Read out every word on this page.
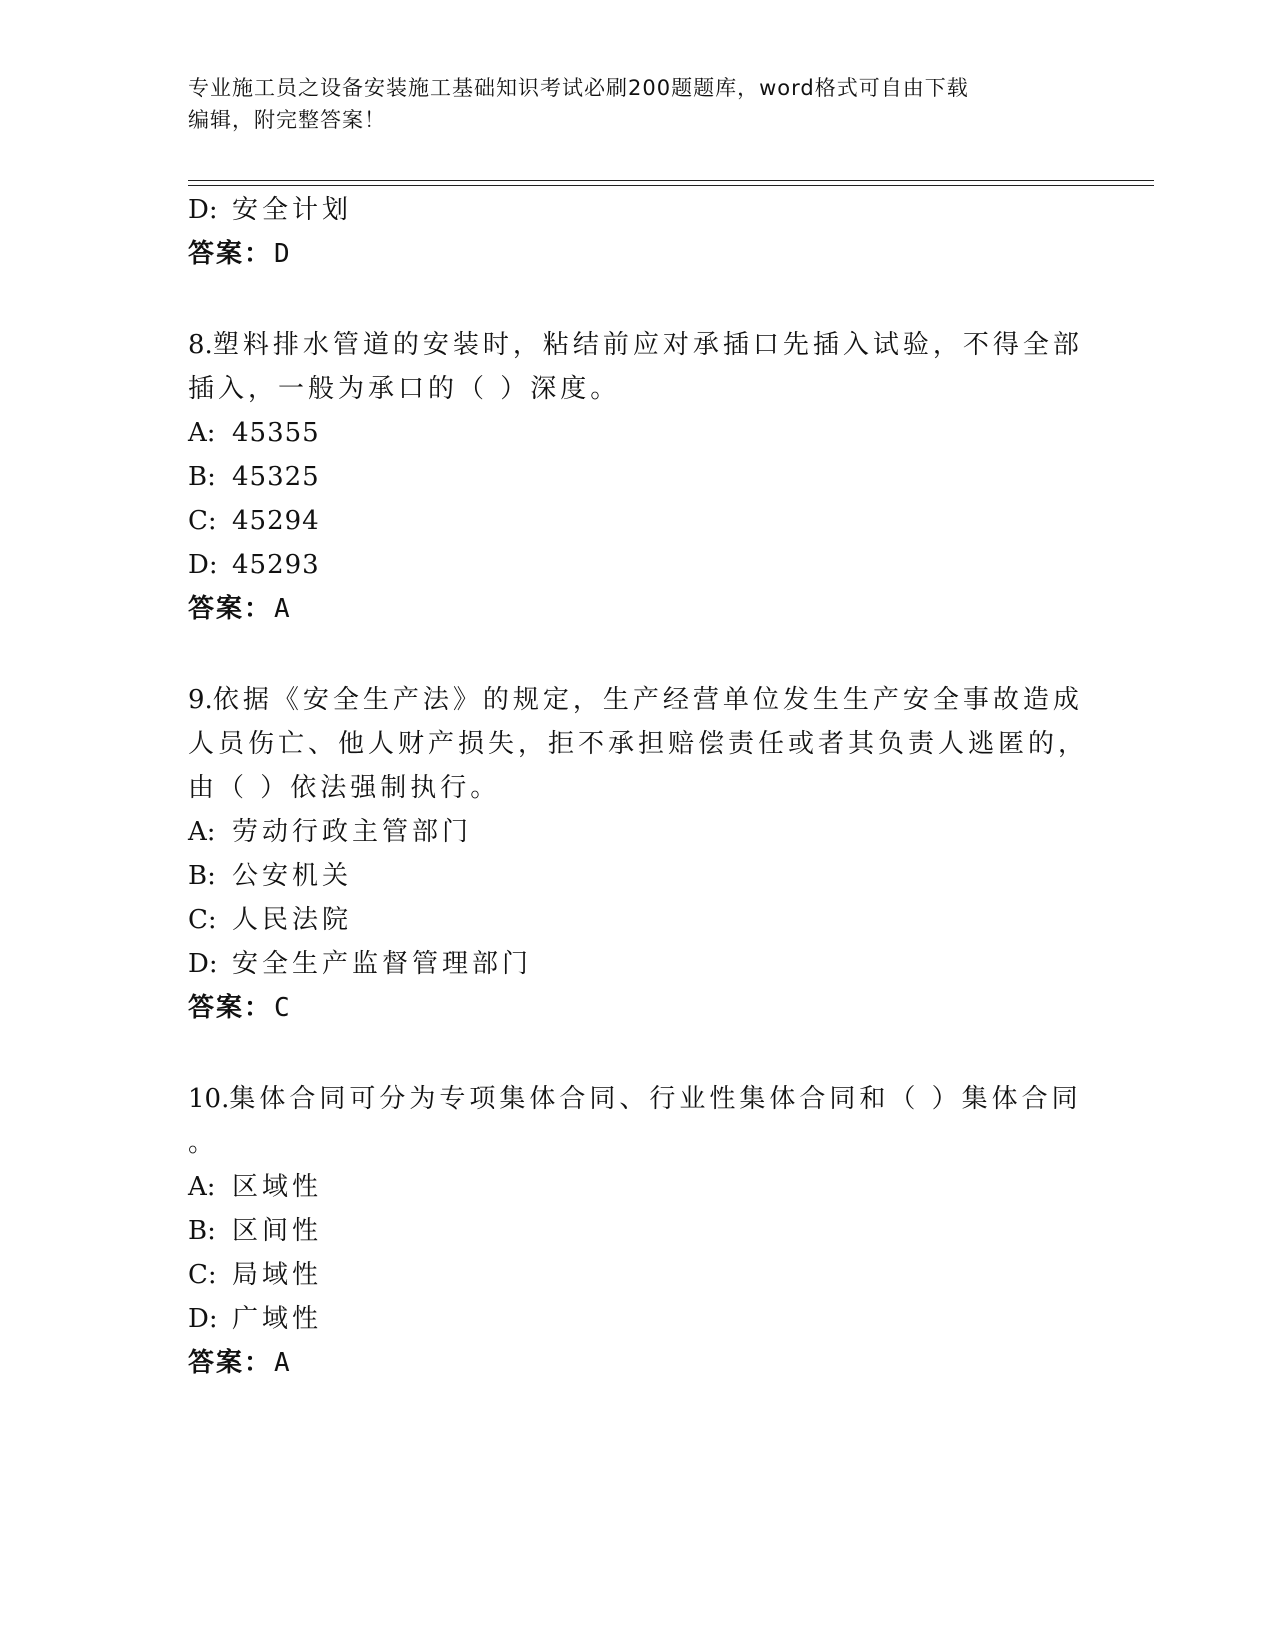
专业施工员之设备安装施工基础知识考试必刷200题题库，word格式可自由下载
编辑，附完整答案！
D: 安全计划
答案：D
8.塑料排水管道的安装时，粘结前应对承插口先插入试验，不得全部
插入，一般为承口的（ ）深度。
A: 45355
B: 45325
C: 45294
D: 45293
答案：A
9.依据《安全生产法》的规定，生产经营单位发生生产安全事故造成
人员伤亡、他人财产损失，拒不承担赔偿责任或者其负责人逃匿的，
由（ ）依法强制执行。
A: 劳动行政主管部门
B: 公安机关
C: 人民法院
D: 安全生产监督管理部门
答案：C
10.集体合同可分为专项集体合同、行业性集体合同和（ ）集体合同
。
A: 区域性
B: 区间性
C: 局域性
D: 广域性
答案：A
